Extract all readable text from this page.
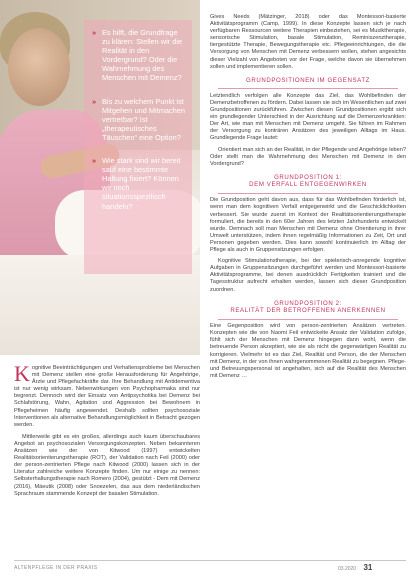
» Es hilft, die Grundfrage zu klären: Stellen wir die Realität in den Vordergrund? Oder die Wahrnehmung des Menschen mit Demenz?
» Bis zu welchem Punkt ist Mitgehen und Mitmachen vertretbar? Ist „therapeutisches Täuschen“ eine Option?
» Wie stark sind wir bereit sauf eine bestimmte Haltung fixiert? Können wir noch situationsspezifisch handeln?

Gives Needs (Mätzinger, 2018) oder das Montessori-basierte Aktivitätsprogramm (Camp, 1999). In diese Konzepte lassen sich je nach verfügbaren Ressourcen weitere Therapien einbeziehen, sei es Musiktherapie, sensorische Stimulation, basale Stimulation, Reminiszenztherapie, tiergestützte Therapie, Bewegungstherapie etc. Pflegeeinrichtungen, die die Versorgung von Menschen mit Demenz verbessern wollen, stehen angesichts dieser Vielzahl von Angeboten vor der Frage, welche davon sie übernehmen sollen und implementieren sollen.

GRUNDPOSITIONEN IM GEGENSATZ

Letztendlich verfolgen alle Konzepte das Ziel, das Wohlbefinden der Demenzbetroffenen zu fördern. Dabei lassen sie sich im Wesentlichen auf zwei Grundpositionen zurückführen. Zwischen diesen Grundpositionen ergibt sich ein grundlegender Unterschied in der Ausrichtung auf die Demenzerkrankten: Der Art, wie man mit Menschen mit Demenz umgeht. Sie führen im Rahmen der Versorgung zu konträren Ansätzen des jeweiligen Alltags im Haus. Grundlegende Frage lautet:

Orientiert man sich an der Realität, in der Pflegende und Angehörige leben? Oder stellt man die Wahrnehmung des Menschen mit Demenz in den Vordergrund?

GRUNDPOSITION 1:
DEM VERFALL ENTGEGENWIRKEN

Die Grundposition geht davon aus, dass für das Wohlbefinden förderlich ist, wenn man dem kognitiven Verfall entgegenwirkt und die Geschicklichkeiten verbessert. Sie wurde zuerst im Kontext der Realitätsorientierungstherapie formuliert, die bereits in den 60er Jahren des letzten Jahrhunderts entwickelt wurde. Demnach soll man Menschen mit Demenz ohne Orientierung in ihrer Umwelt unterstützen, indem ihnen regelmäßig Informationen zu Zeit, Ort und Personen gegeben werden. Dies kann sowohl kontinuierlich im Alltag der Pflege als auch in Gruppensitzungen erfolgen.

Kognitive Stimulationstherapie, bei der spielerisch-anregende kognitive Aufgaben in Gruppensitzungen durchgeführt werden und Montessori-basierte Aktivitätsprogramme, bei denen ausdrücklich Fertigkeiten trainiert und die Tagesstruktur aufrecht erhalten werden, lassen sich dieser Grundposition zuordnen.

GRUNDPOSITION 2:
REALITÄT DER BETROFFENEN ANERKENNEN

Eine Gegenposition wird von person-zentrierten Ansätzen vertreten. Konzepten wie die von Naomi Feil entwickelte Ansatz der Validation zufolge, fühlt sich der Menschen mit Demenz hingegen dann wohl, wenn die betreuende Person akzeptiert, wie sie als nicht die gegenwärtigen Realität zu korrigieren. Vielmehr ist es das Ziel, Realität und Person, die der Menschen mit Demenz, in der von ihnen wahrgenommenen Realität zu begegnen. Pflege- und Betreuungspersonal ist angehalten, sich auf die Realität des Menschen mit Demenz …

K ognitive Beeinträchtigungen und Verhaltensprobleme bei Menschen mit Demenz stellen eine große Herausforderung für Angehörige, Ärzte und Pflegefachkräfte dar. Ihre Behandlung mit Antidementiva ist nur wenig wirksam. Nebenwirkungen von Psychopharmaka sind nur begrenzt. Dennoch wird der Einsatz von Antipsychotika bei Demenz bei Schlafstörung, Wahn, Agitation und Aggression bei Bewohnern in Pflegeheimen häufig angewendet. Deshalb sollten psychosoziale Interventionen als alternative Behandlungsmöglichkeit in Betracht gezogen werden.

Mittlerweile gibt es ein großes, allerdings auch kaum überschaubares Angebot an psychosozialen Versorgungskonzepten. Neben bekannteren Ansätzen wie der von Kitwood (1997) entwickelten Realitätsorientierungstherapie (ROT), der Validation nach Feil (2000) oder der person-zentrierten Pflege nach Kitwood (2000) lassen sich in der Literatur zahlreiche weitere Konzepte finden. Um nur einige zu nennen: Selbsterhaltungstherapie nach Romero (2004), gestützt - Dem mit Demenz (2016), Mäeutik (2008) oder Snoezelen, das aus dem niederländischen Sprachraum stammende Konzept der basalen Stimulation.

ALTENPFLEGE IN DER PRAXIS	03.2020 31
